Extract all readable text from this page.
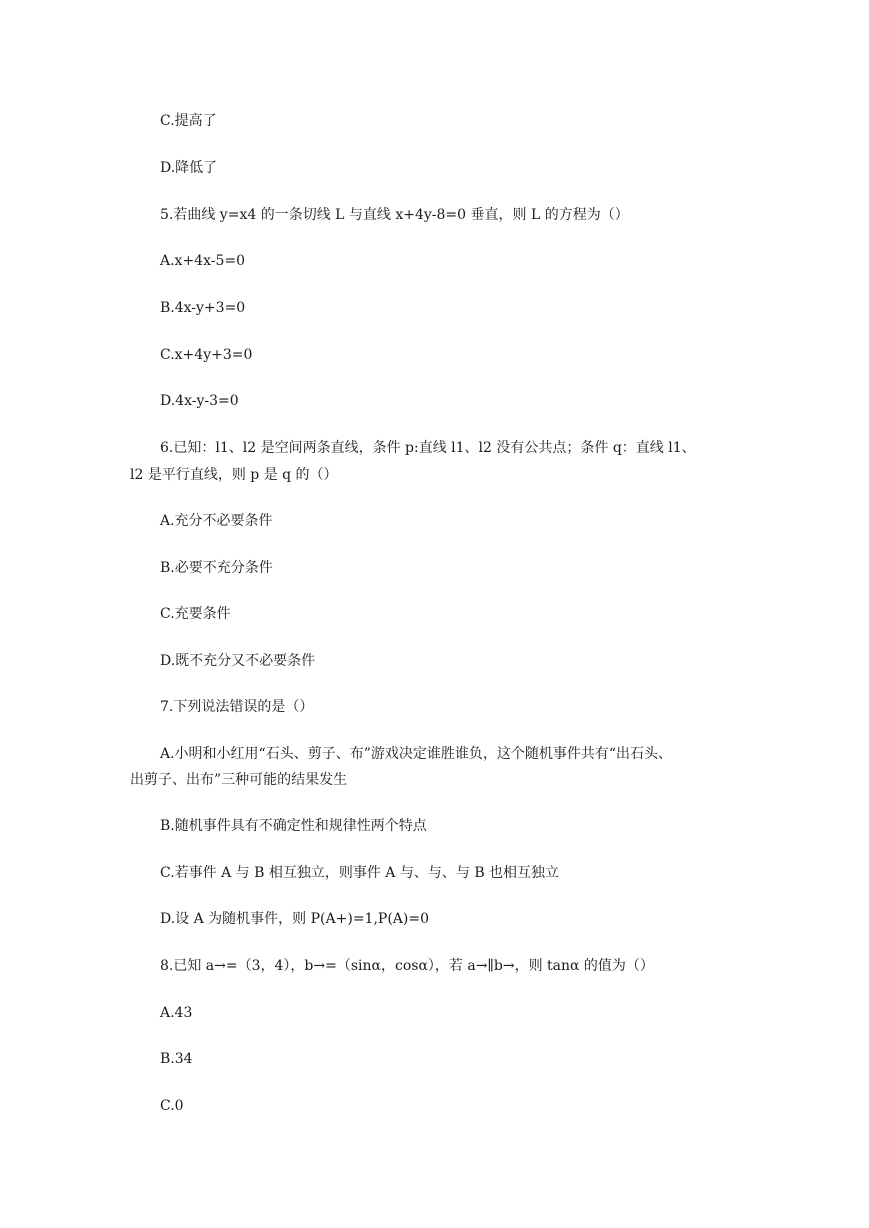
C.提高了
D.降低了
5.若曲线 y=x4 的一条切线 L 与直线 x+4y-8=0 垂直，则 L 的方程为（）
A.x+4x-5=0
B.4x-y+3=0
C.x+4y+3=0
D.4x-y-3=0
6.已知：l1、l2 是空间两条直线，条件 p:直线 l1、l2 没有公共点；条件 q：直线 l1、
l2 是平行直线，则 p 是 q 的（）
A.充分不必要条件
B.必要不充分条件
C.充要条件
D.既不充分又不必要条件
7.下列说法错误的是（）
A.小明和小红用“石头、剪子、布”游戏决定谁胜谁负，这个随机事件共有“出石头、
出剪子、出布”三种可能的结果发生
B.随机事件具有不确定性和规律性两个特点
C.若事件 A 与 B 相互独立，则事件 A 与、与、与 B 也相互独立
D.设 A 为随机事件，则 P(A+)=1,P(A)=0
8.已知 a→=（3，4），b→=（sinα，cosα），若 a→∥b→，则 tanα 的值为（）
A.43
B.34
C.0
